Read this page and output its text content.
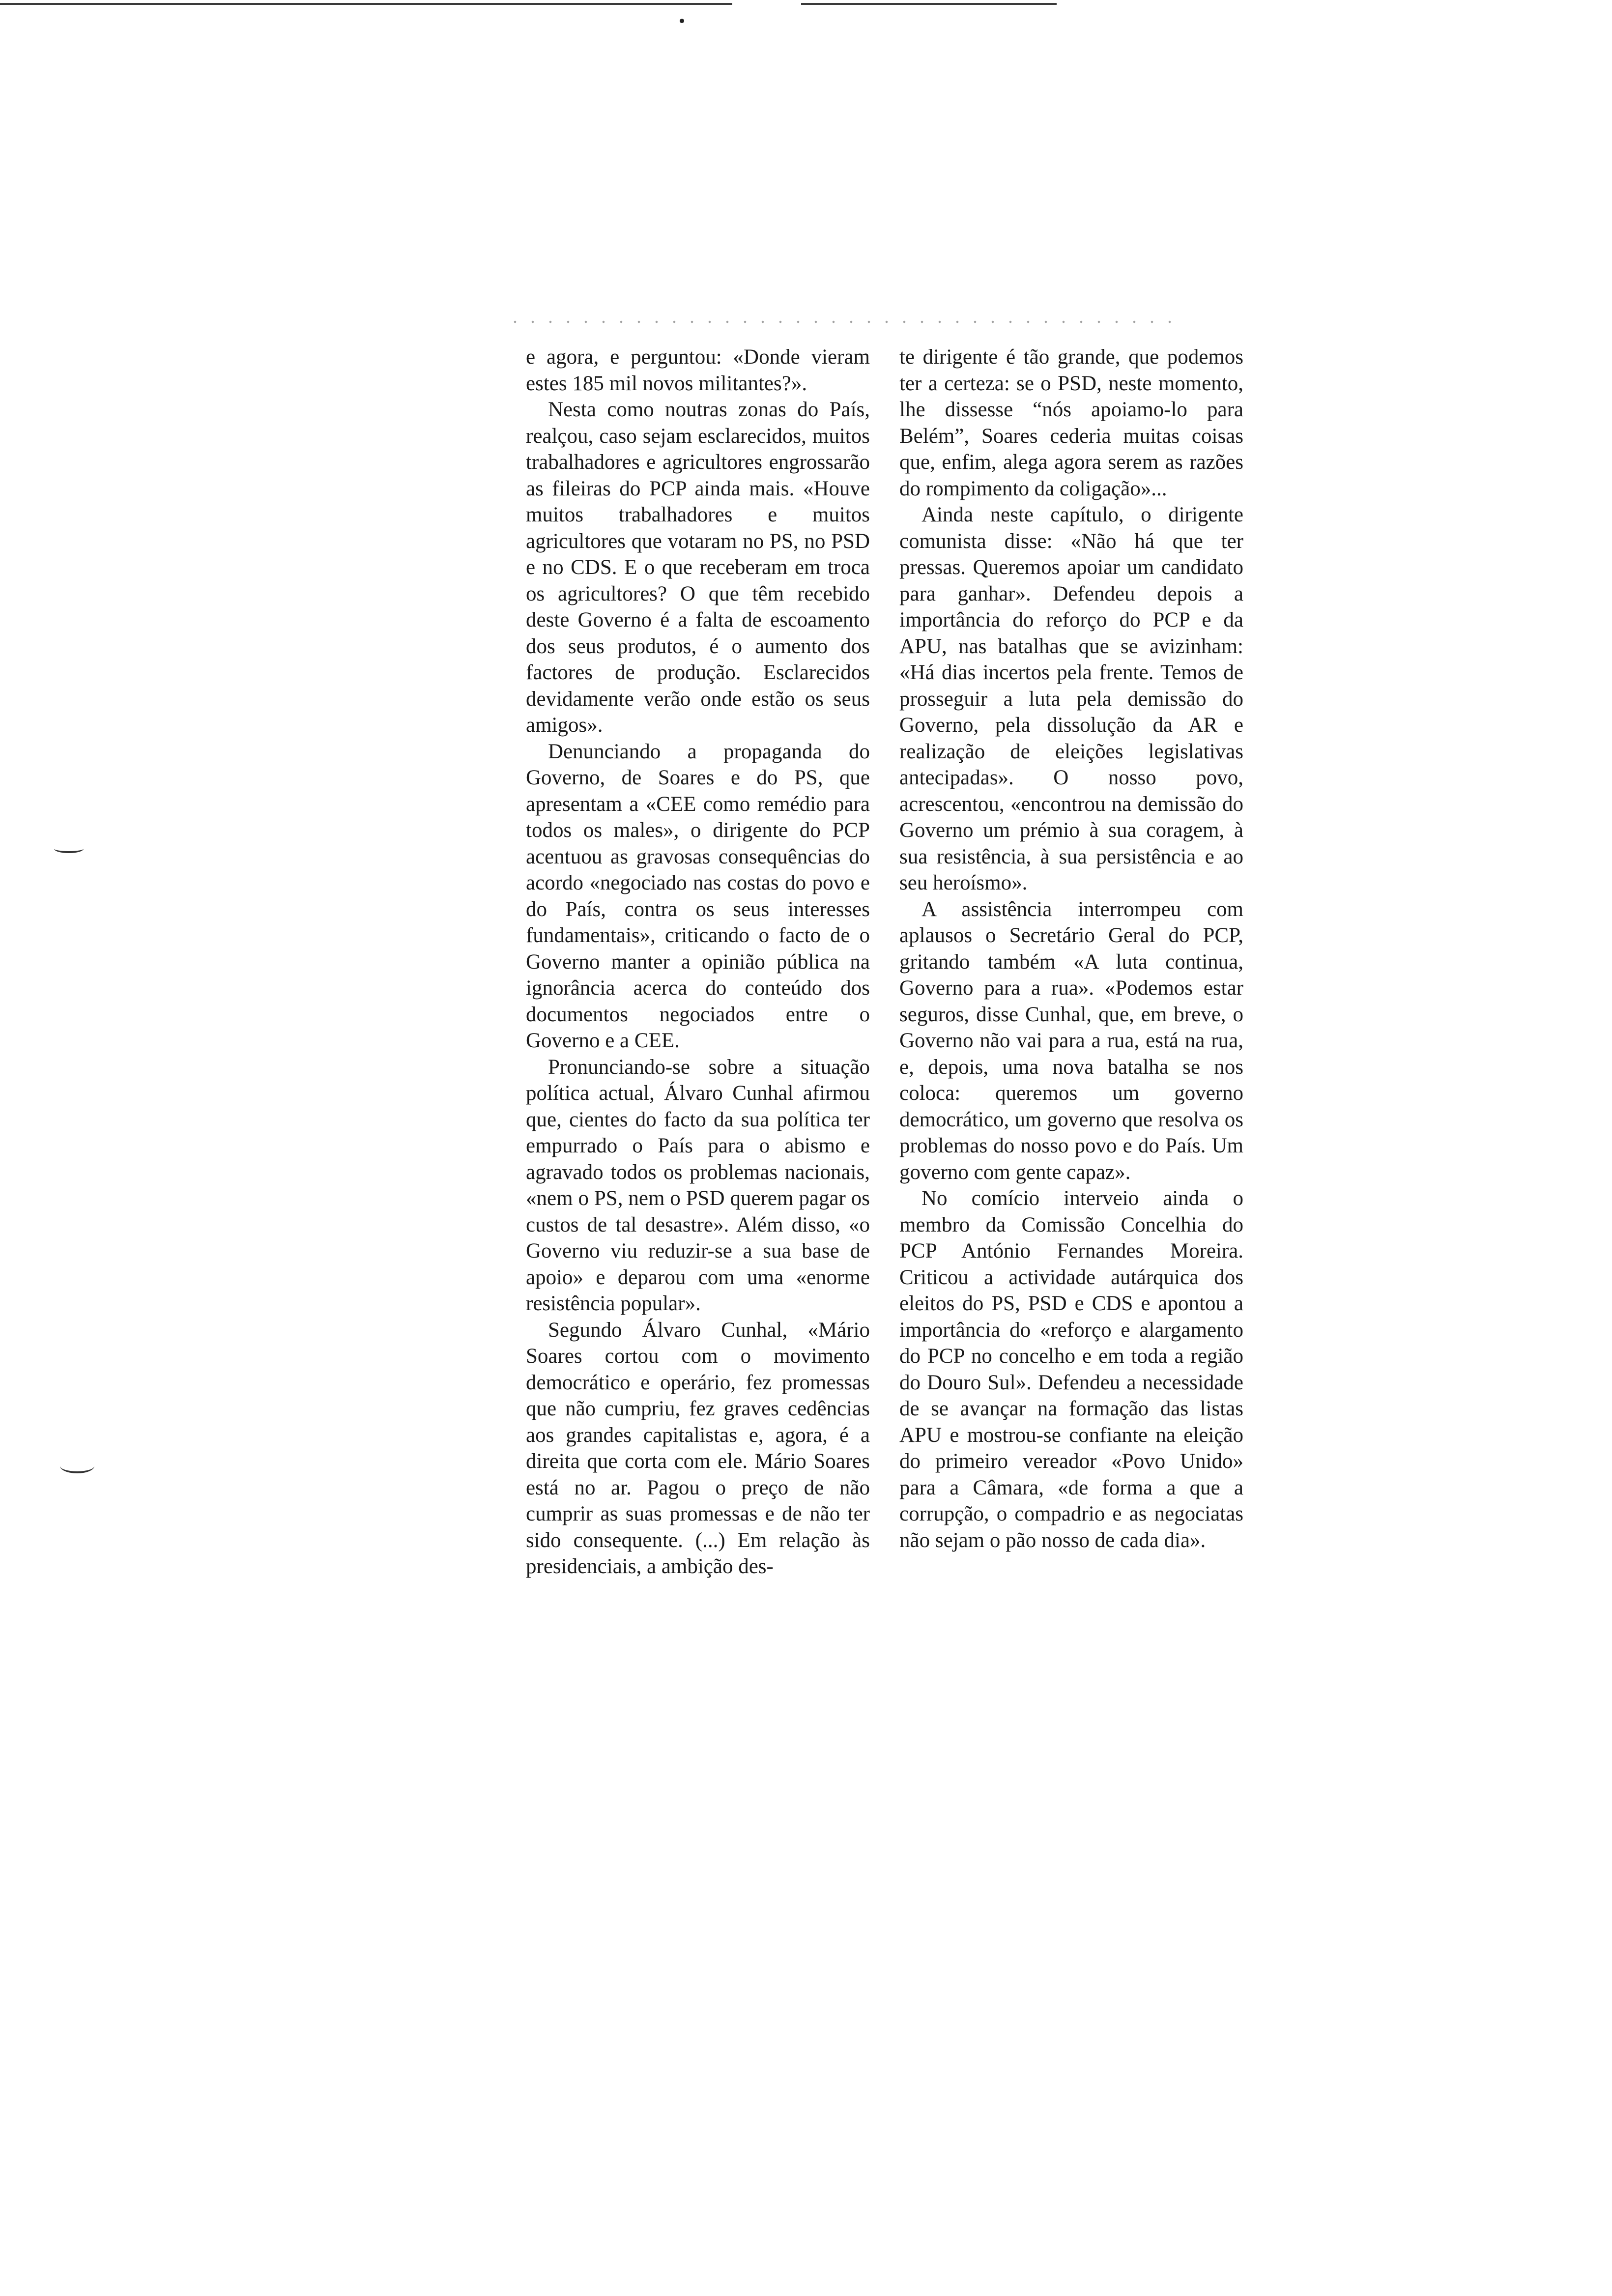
e agora, e perguntou: «Donde vieram estes 185 mil novos militantes?».

Nesta como noutras zonas do País, realçou, caso sejam esclarecidos, muitos trabalhadores e agricultores engrossarão as fileiras do PCP ainda mais. «Houve muitos trabalhadores e muitos agricultores que votaram no PS, no PSD e no CDS. E o que receberam em troca os agricultores? O que têm recebido deste Governo é a falta de escoamento dos seus produtos, é o aumento dos factores de produção. Esclarecidos devidamente verão onde estão os seus amigos».

Denunciando a propaganda do Governo, de Soares e do PS, que apresentam a «CEE como remédio para todos os males», o dirigente do PCP acentuou as gravosas consequências do acordo «negociado nas costas do povo e do País, contra os seus interesses fundamentais», criticando o facto de o Governo manter a opinião pública na ignorância acerca do conteúdo dos documentos negociados entre o Governo e a CEE.

Pronunciando-se sobre a situação política actual, Álvaro Cunhal afirmou que, cientes do facto da sua política ter empurrado o País para o abismo e agravado todos os problemas nacionais, «nem o PS, nem o PSD querem pagar os custos de tal desastre». Além disso, «o Governo viu reduzir-se a sua base de apoio» e deparou com uma «enorme resistência popular».

Segundo Álvaro Cunhal, «Mário Soares cortou com o movimento democrático e operário, fez promessas que não cumpriu, fez graves cedências aos grandes capitalistas e, agora, é a direita que corta com ele. Mário Soares está no ar. Pagou o preço de não cumprir as suas promessas e de não ter sido consequente. (...) Em relação às presidenciais, a ambição des-

te dirigente é tão grande, que podemos ter a certeza: se o PSD, neste momento, lhe dissesse “nós apoiamo-lo para Belém”, Soares cederia muitas coisas que, enfim, alega agora serem as razões do rompimento da coligação»...

Ainda neste capítulo, o dirigente comunista disse: «Não há que ter pressas. Queremos apoiar um candidato para ganhar». Defendeu depois a importância do reforço do PCP e da APU, nas batalhas que se avizinham: «Há dias incertos pela frente. Temos de prosseguir a luta pela demissão do Governo, pela dissolução da AR e realização de eleições legislativas antecipadas». O nosso povo, acrescentou, «encontrou na demissão do Governo um prémio à sua coragem, à sua resistência, à sua persistência e ao seu heroísmo».

A assistência interrompeu com aplausos o Secretário Geral do PCP, gritando também «A luta continua, Governo para a rua». «Podemos estar seguros, disse Cunhal, que, em breve, o Governo não vai para a rua, está na rua, e, depois, uma nova batalha se nos coloca: queremos um governo democrático, um governo que resolva os problemas do nosso povo e do País. Um governo com gente capaz».

No comício interveio ainda o membro da Comissão Concelhia do PCP António Fernandes Moreira. Criticou a actividade autárquica dos eleitos do PS, PSD e CDS e apontou a importância do «reforço e alargamento do PCP no concelho e em toda a região do Douro Sul». Defendeu a necessidade de se avançar na formação das listas APU e mostrou-se confiante na eleição do primeiro vereador «Povo Unido» para a Câmara, «de forma a que a corrupção, o compadrio e as negociatas não sejam o pão nosso de cada dia».
